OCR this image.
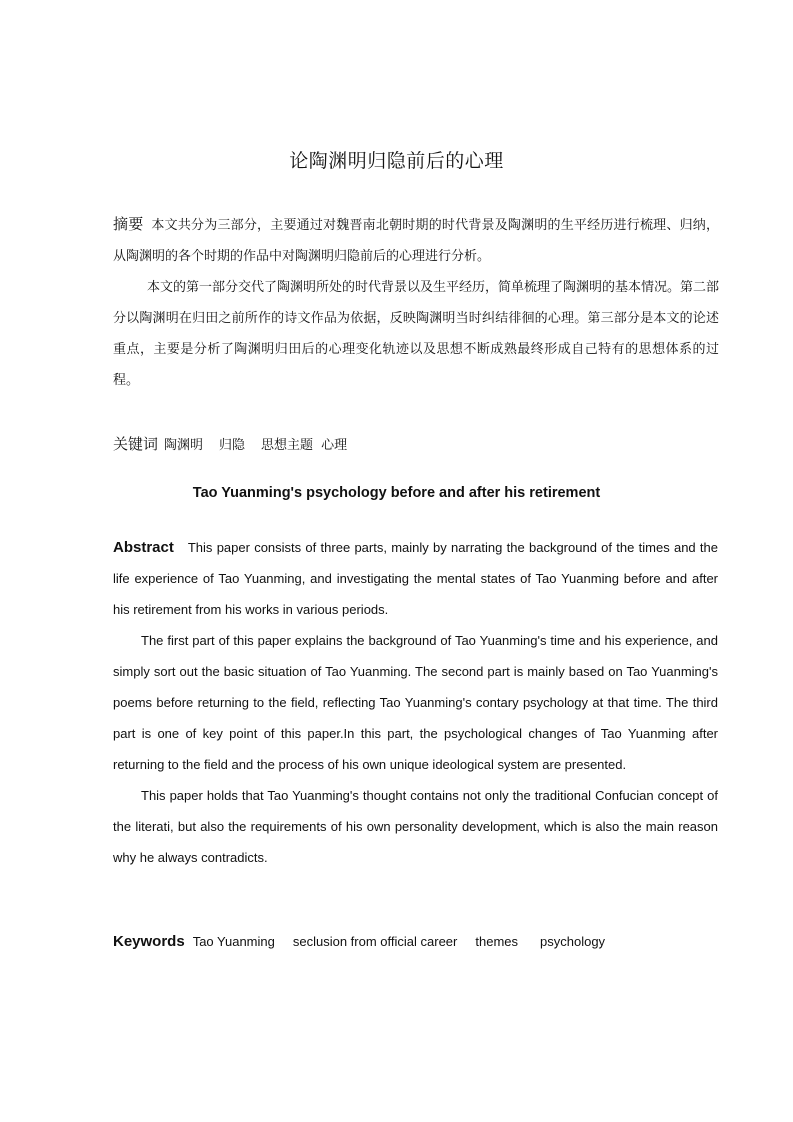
论陶渊明归隐前后的心理

摘要 本文共分为三部分，主要通过对魏晋南北朝时期的时代背景及陶渊明的生平经历进行梳理、归纳，从陶渊明的各个时期的作品中对陶渊明归隐前后的心理进行分析。

本文的第一部分交代了陶渊明所处的时代背景以及生平经历，简单梳理了陶渊明的基本情况。第二部分以陶渊明在归田之前所作的诗文作品为依据，反映陶渊明当时纠结徘徊的心理。第三部分是本文的论述重点，主要是分析了陶渊明归田后的心理变化轨迹以及思想不断成熟最终形成自己特有的思想体系的过程。

关键词 陶渊明 归隐 思想主题 心理
Tao Yuanming's psychology before and after his retirement

Abstract This paper consists of three parts, mainly by narrating the background of the times and the life experience of Tao Yuanming, and investigating the mental states of Tao Yuanming before and after his retirement from his works in various periods.

The first part of this paper explains the background of Tao Yuanming's time and his experience, and simply sort out the basic situation of Tao Yuanming. The second part is mainly based on Tao Yuanming's poems before returning to the field, reflecting Tao Yuanming's contary psychology at that time. The third part is one of key point of this paper.In this part, the psychological changes of Tao Yuanming after returning to the field and the process of his own unique ideological system are presented.

This paper holds that Tao Yuanming's thought contains not only the traditional Confucian concept of the literati, but also the requirements of his own personality development, which is also the main reason why he always contradicts.

Keywords Tao Yuanming seclusion from official career themes psychology
